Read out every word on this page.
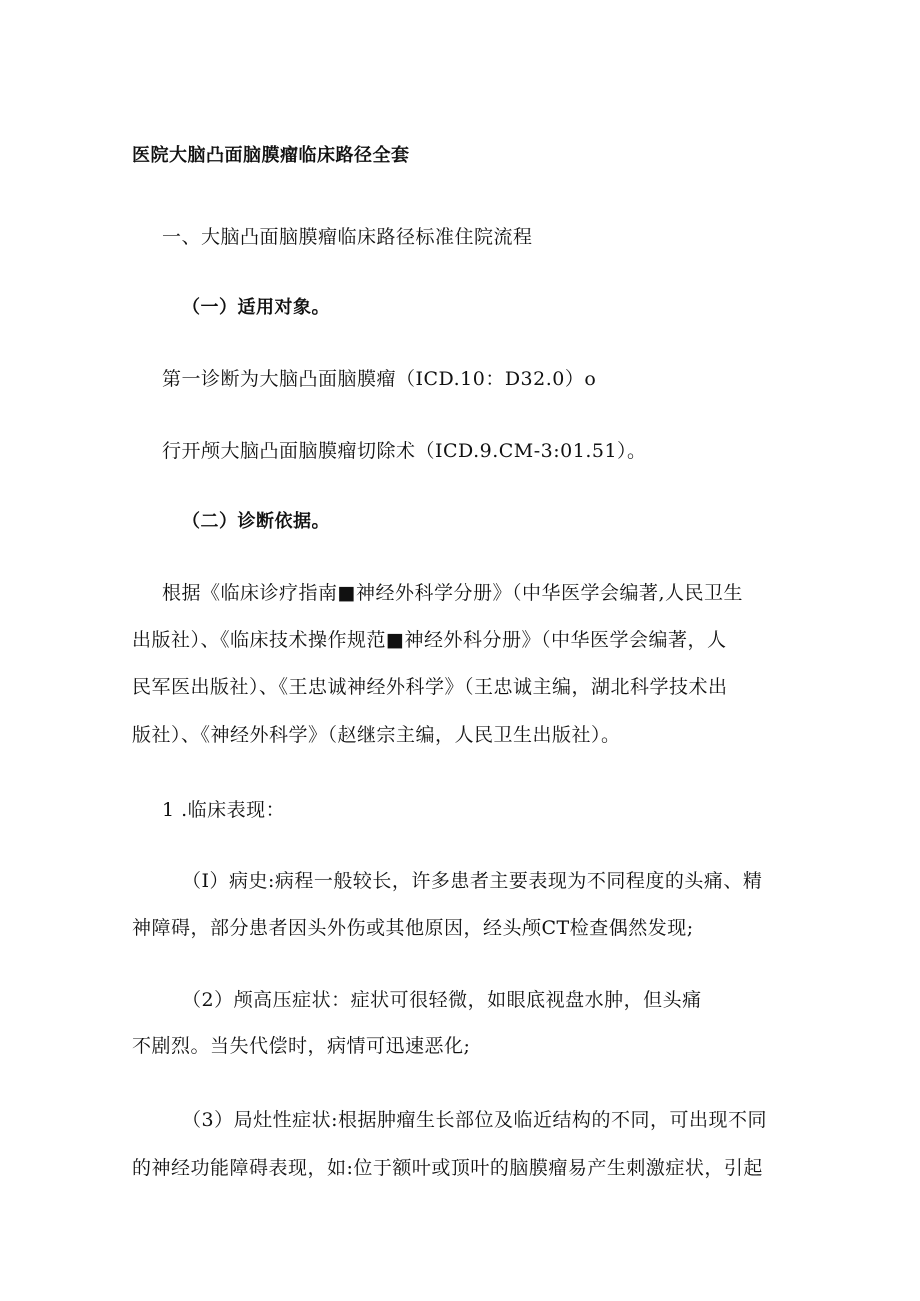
医院大脑凸面脑膜瘤临床路径全套
一、大脑凸面脑膜瘤临床路径标准住院流程
（一）适用对象。
第一诊断为大脑凸面脑膜瘤（ICD.10：D32.0）o
行开颅大脑凸面脑膜瘤切除术（ICD.9.CM-3:01.51）。
（二）诊断依据。
根据《临床诊疗指南■神经外科学分册》（中华医学会编著,人民卫生
出版社）、《临床技术操作规范■神经外科分册》（中华医学会编著，人
民军医出版社）、《王忠诚神经外科学》（王忠诚主编，湖北科学技术出
版社）、《神经外科学》（赵继宗主编，人民卫生出版社）。
1 .临床表现：
（I）病史:病程一般较长，许多患者主要表现为不同程度的头痛、精
神障碍，部分患者因头外伤或其他原因，经头颅CT检查偶然发现;
（2）颅高压症状：症状可很轻微，如眼底视盘水肿，但头痛
不剧烈。当失代偿时，病情可迅速恶化;
（3）局灶性症状:根据肿瘤生长部位及临近结构的不同，可出现不同
的神经功能障碍表现，如:位于额叶或顶叶的脑膜瘤易产生刺激症状，引起
